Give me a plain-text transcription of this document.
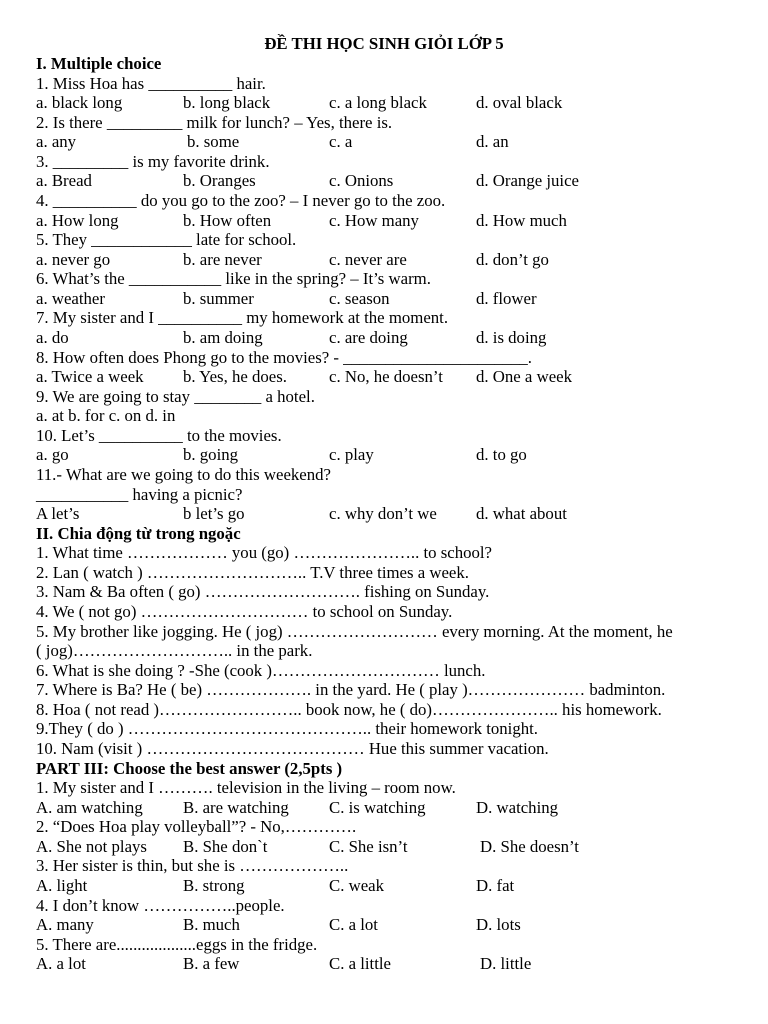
ĐỀ THI HỌC SINH GIỎI LỚP 5
I. Multiple choice
1. Miss Hoa has __________ hair.
a. black long	b. long black	c. a long black	d. oval black
2. Is there _________ milk for lunch? – Yes, there is.
a. any	b. some	c. a	d. an
3. _________ is my favorite drink.
a. Bread	b. Oranges	c. Onions	d. Orange juice
4. __________ do you go to the zoo? – I never go to the zoo.
a. How long	b. How often	c. How many	d. How much
5. They ____________ late for school.
a. never go	b. are never	c. never are	d. don’t go
6. What’s the ___________ like in the spring? – It’s warm.
a. weather	b. summer	c. season	d. flower
7. My sister and I __________ my homework at the moment.
a. do	b. am doing	c. are doing	d. is doing
8. How often does Phong go to the movies? - ______________________.
a. Twice a week b. Yes, he does.	c. No, he doesn’t d. One a week
9. We are going to stay ________ a hotel.
a. at b. for c. on d. in
10. Let’s __________ to the movies.
a. go	b. going	c. play	d. to go
11.- What are we going to do this weekend?
___________ having a picnic?
A let’s	b let’s go	c. why don’t we d. what about
II. Chia động từ trong ngoặc
1. What time ……………… you (go) ………………….. to school?
2. Lan ( watch ) ……………………….. T.V three times a week.
3. Nam & Ba often ( go) ………………………. fishing on Sunday.
4. We ( not go) ………………………… to school on Sunday.
5. My brother like jogging. He ( jog) ……………………… every morning. At the moment, he
( jog)……………………….. in the park.
6. What is she doing ? -She (cook )………………………… lunch.
7. Where is Ba? He ( be) ………………. in the yard. He ( play )………………… badminton.
8. Hoa ( not read )…………………….. book now, he ( do)………………….. his homework.
9.They ( do ) …………………………………….. their homework tonight.
10. Nam (visit ) ………………………………… Hue this summer vacation.
PART III: Choose the best answer (2,5pts )
1. My sister and I ………. television in the living – room now.
A. am watching B. are watching C. is watching	D. watching
2. “Does Hoa play volleyball”? - No,………….
A. She not plays B. She don`t	C. She isn’t	D. She doesn’t
3. Her sister is thin, but she is ………………..
A. light	B. strong	C. weak	D. fat
4. I don’t know ……………..people.
A. many	B. much	C. a lot	D. lots
5. There are...................eggs in the fridge.
A. a lot	B. a few	C. a little	D. little
